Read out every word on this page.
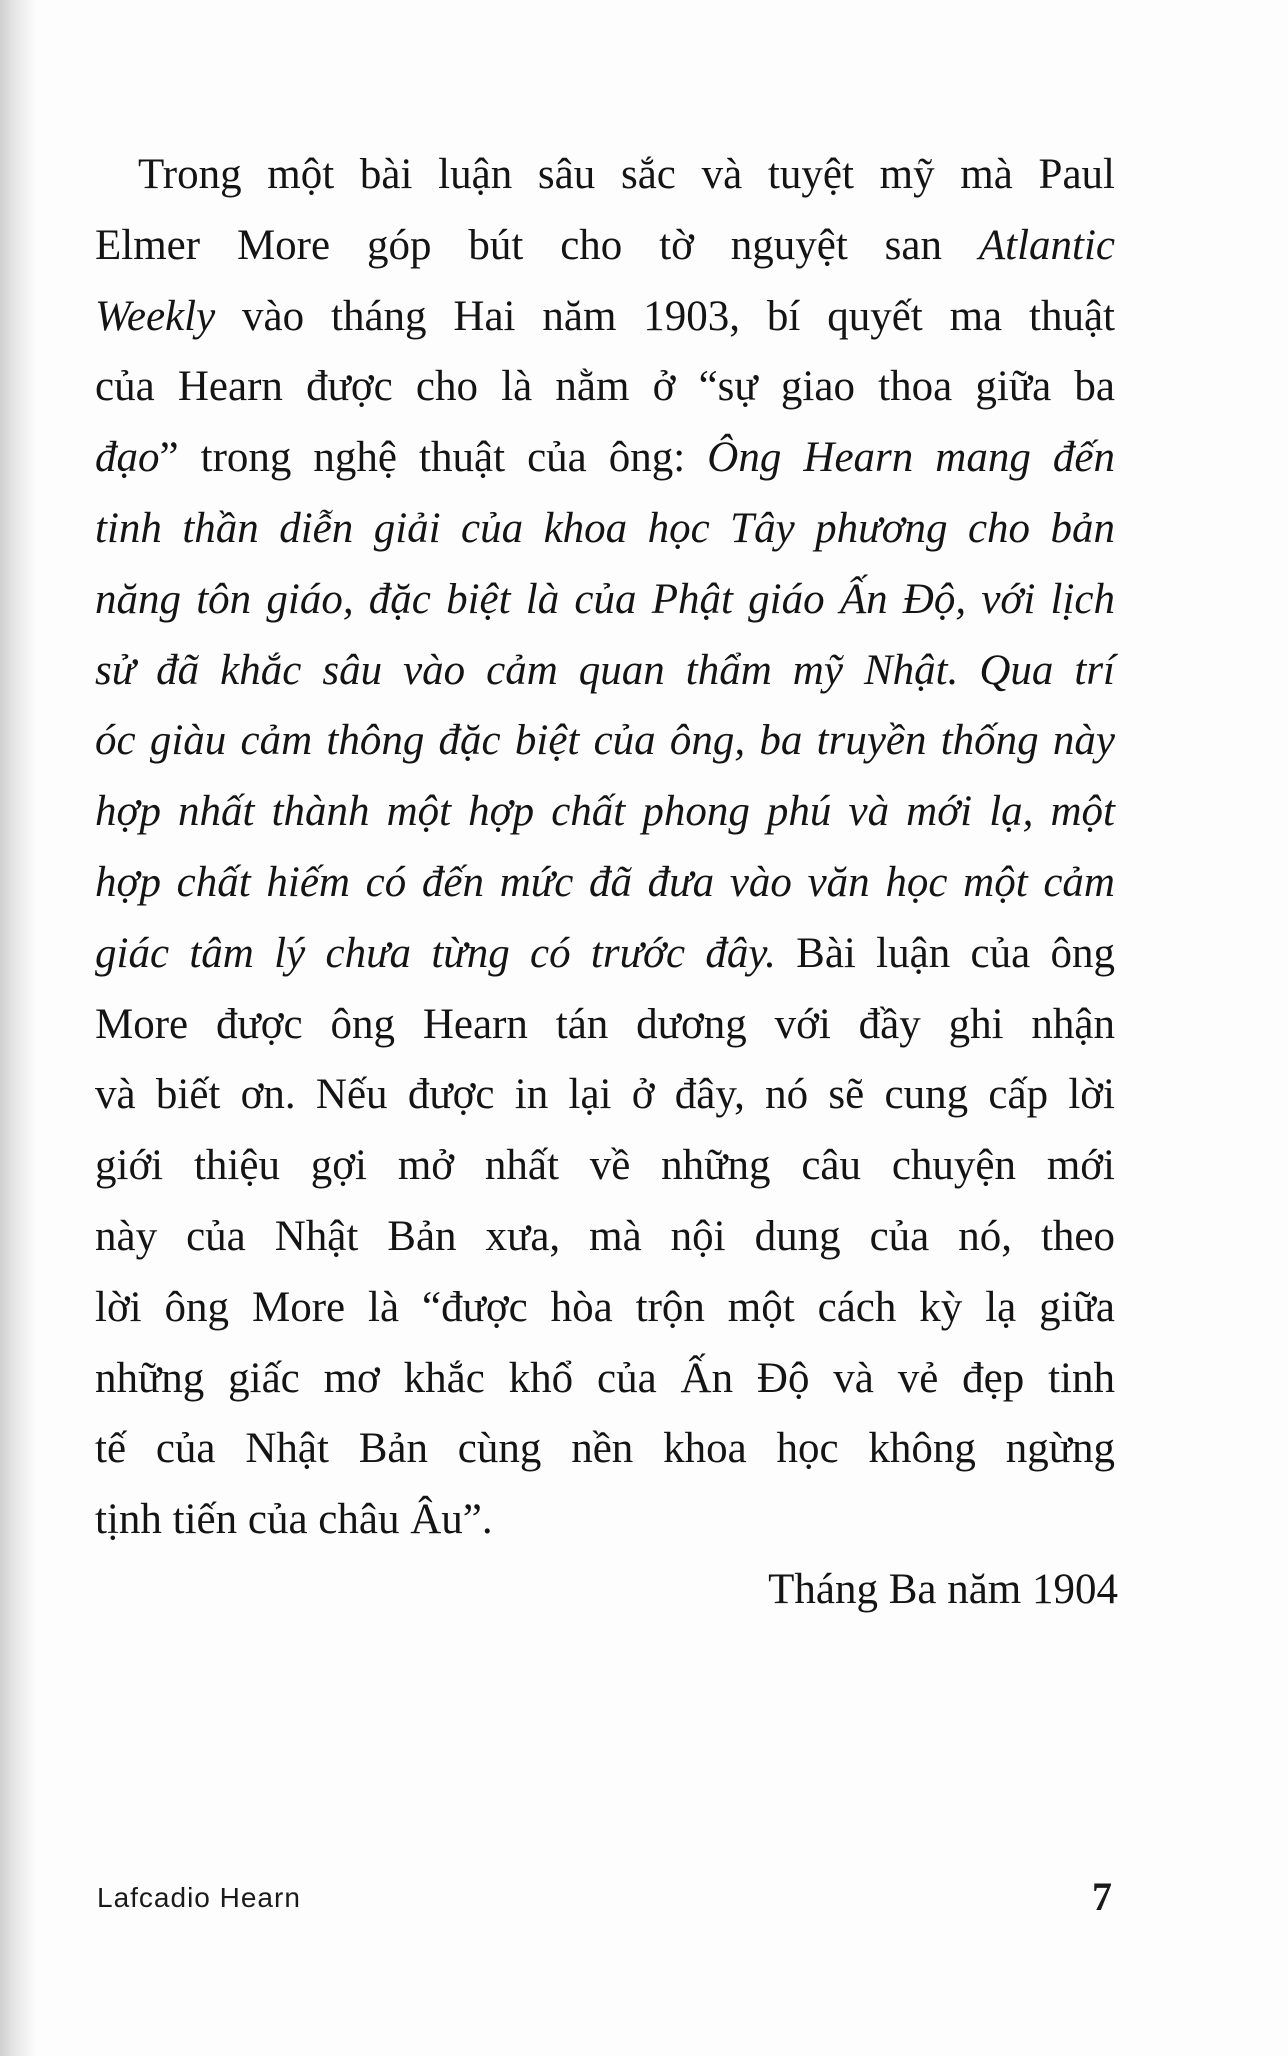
Trong một bài luận sâu sắc và tuyệt mỹ mà Paul
Elmer More góp bút cho tờ nguyệt san Atlantic
Weekly vào tháng Hai năm 1903, bí quyết ma thuật
của Hearn được cho là nằm ở “sự giao thoa giữa ba
đạo” trong nghệ thuật của ông: Ông Hearn mang đến
tinh thần diễn giải của khoa học Tây phương cho bản
năng tôn giáo, đặc biệt là của Phật giáo Ấn Độ, với lịch
sử đã khắc sâu vào cảm quan thẩm mỹ Nhật. Qua trí
óc giàu cảm thông đặc biệt của ông, ba truyền thống này
hợp nhất thành một hợp chất phong phú và mới lạ, một
hợp chất hiếm có đến mức đã đưa vào văn học một cảm
giác tâm lý chưa từng có trước đây. Bài luận của ông
More được ông Hearn tán dương với đầy ghi nhận
và biết ơn. Nếu được in lại ở đây, nó sẽ cung cấp lời
giới thiệu gợi mở nhất về những câu chuyện mới
này của Nhật Bản xưa, mà nội dung của nó, theo
lời ông More là “được hòa trộn một cách kỳ lạ giữa
những giấc mơ khắc khổ của Ấn Độ và vẻ đẹp tinh
tế của Nhật Bản cùng nền khoa học không ngừng
tịnh tiến của châu Âu”.
Tháng Ba năm 1904
Lafcadio Hearn	7
